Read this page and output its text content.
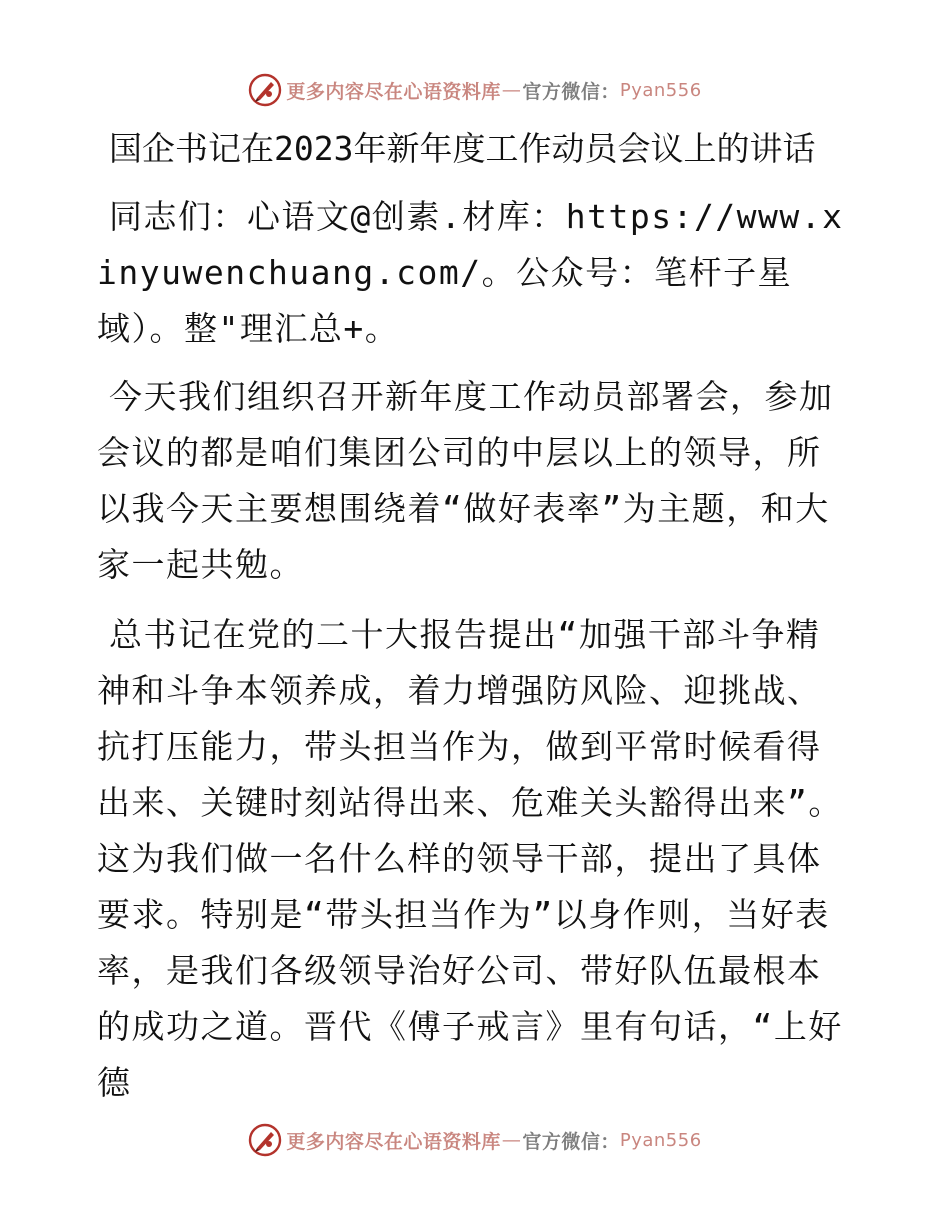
更多内容尽在心语资料库 — 官方微信： Pyan556
国企书记在2023年新年度工作动员会议上的讲话

同志们：心语文@创素.材库：https://www.xinyuwenchuang.com/。公众号：笔杆子星域）。整"理汇总+。

今天我们组织召开新年度工作动员部署会，参加会议的都是咱们集团公司的中层以上的领导，所以我今天主要想围绕着“做好表率”为主题，和大家一起共勉。

总书记在党的二十大报告提出“加强干部斗争精神和斗争本领养成，着力增强防风险、迎挑战、抗打压能力，带头担当作为，做到平常时候看得出来、关键时刻站得出来、危难关头豁得出来”。这为我们做一名什么样的领导干部，提出了具体要求。特别是“带头担当作为”以身作则，当好表率，是我们各级领导治好公司、带好队伍最根本的成功之道。晋代《傅子戒言》里有句话，“上好德

更多内容尽在心语资料库 — 官方微信： Pyan556
